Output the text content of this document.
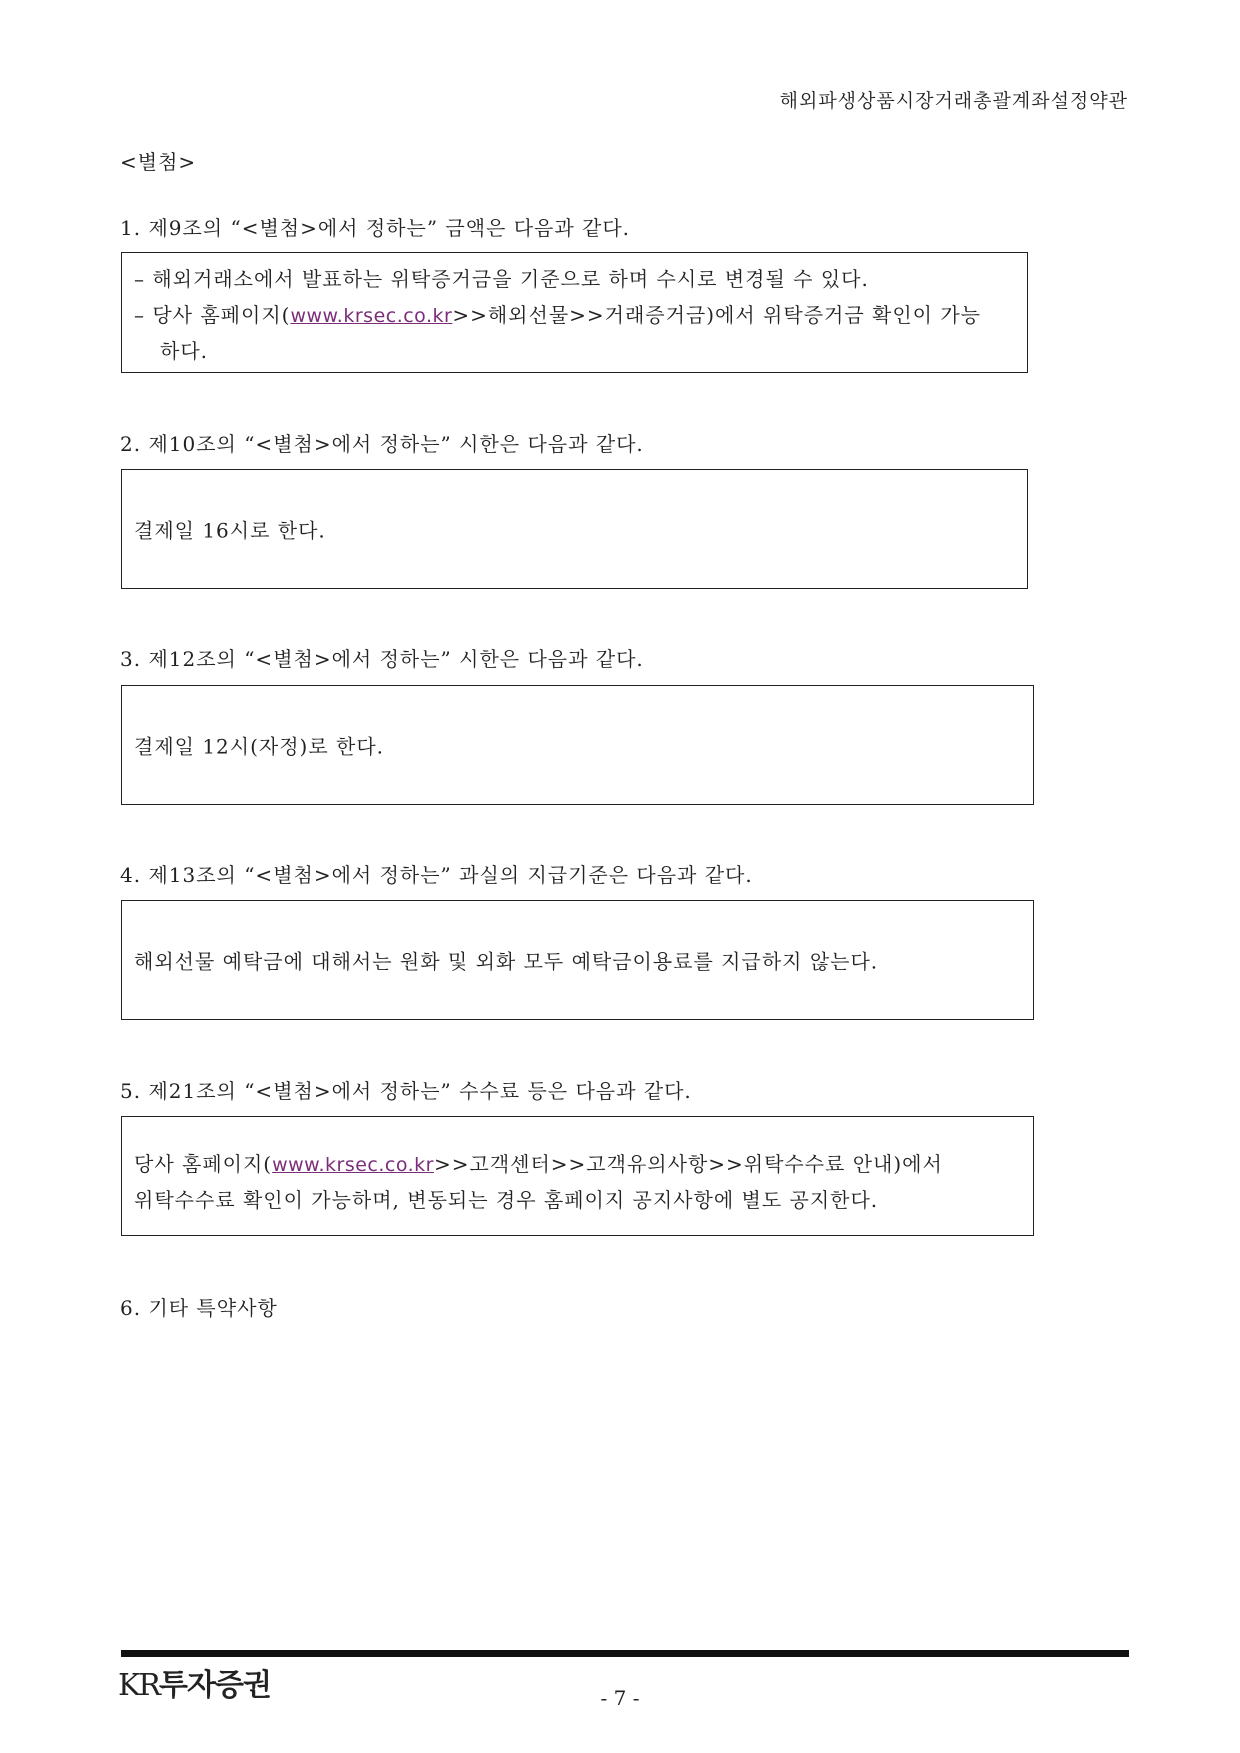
해외파생상품시장거래총괄계좌설정약관
<별첨>
1. 제9조의 “<별첨>에서 정하는” 금액은 다음과 같다.
– 해외거래소에서 발표하는 위탁증거금을 기준으로 하며 수시로 변경될 수 있다.
– 당사 홈페이지(www.krsec.co.kr>>해외선물>>거래증거금)에서 위탁증거금 확인이 가능
하다.
2. 제10조의 “<별첨>에서 정하는” 시한은 다음과 같다.
결제일 16시로 한다.
3. 제12조의 “<별첨>에서 정하는” 시한은 다음과 같다.
결제일 12시(자정)로 한다.
4. 제13조의 “<별첨>에서 정하는” 과실의 지급기준은 다음과 같다.
해외선물 예탁금에 대해서는 원화 및 외화 모두 예탁금이용료를 지급하지 않는다.
5. 제21조의 “<별첨>에서 정하는” 수수료 등은 다음과 같다.
당사 홈페이지(www.krsec.co.kr>>고객센터>>고객유의사항>>위탁수수료 안내)에서
위탁수수료 확인이 가능하며, 변동되는 경우 홈페이지 공지사항에 별도 공지한다.
6. 기타 특약사항
KR투자증권	- 7 -
